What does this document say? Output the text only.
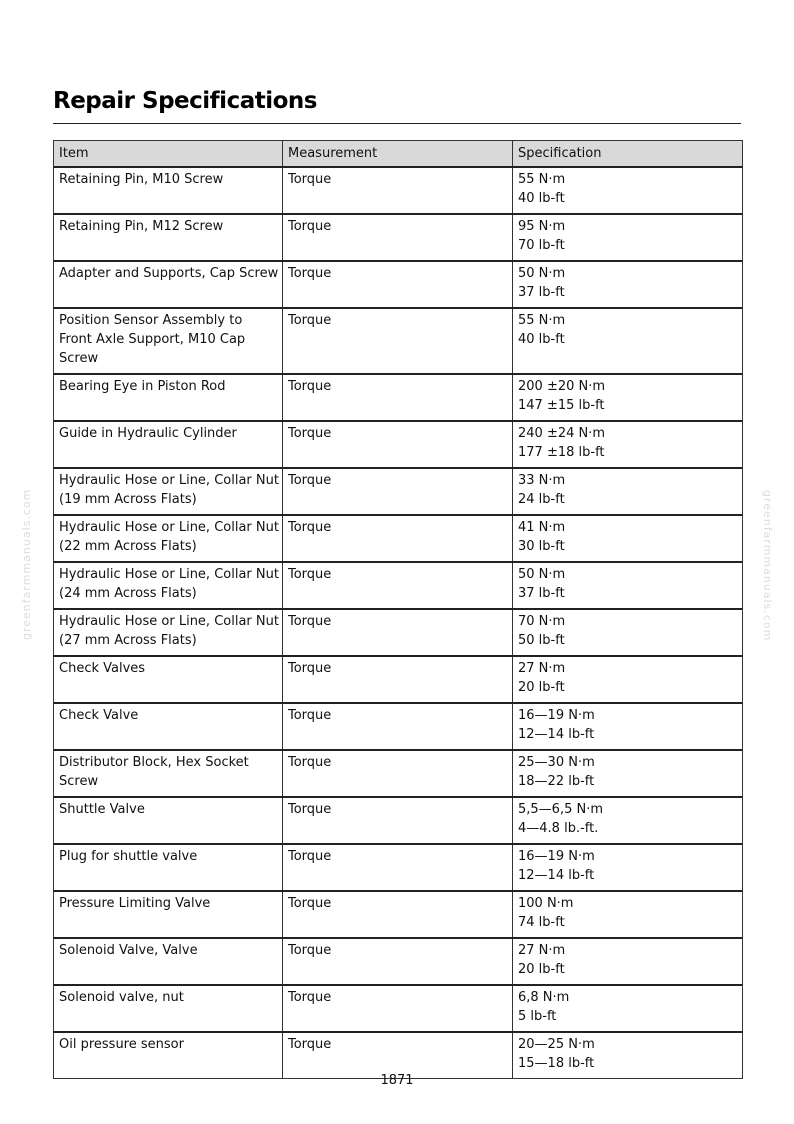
Repair Specifications
greenfarmmanuals.com	greenfarmmanuals.com
Item	Measurement	Specification

Retaining Pin, M10 Screw	Torque	55 N·m
40 lb-ft

Retaining Pin, M12 Screw	Torque	95 N·m
70 lb-ft

Adapter and Supports, Cap Screw	Torque	50 N·m
37 lb-ft

Position Sensor Assembly to
Front Axle Support, M10 Cap
Screw	Torque	55 N·m
40 lb-ft

Bearing Eye in Piston Rod	Torque	200 ±20 N·m
147 ±15 lb-ft

Guide in Hydraulic Cylinder	Torque	240 ±24 N·m
177 ±18 lb-ft

Hydraulic Hose or Line, Collar Nut
(19 mm Across Flats)	Torque	33 N·m
24 lb-ft

Hydraulic Hose or Line, Collar Nut
(22 mm Across Flats)	Torque	41 N·m
30 lb-ft

Hydraulic Hose or Line, Collar Nut
(24 mm Across Flats)	Torque	50 N·m
37 lb-ft

Hydraulic Hose or Line, Collar Nut
(27 mm Across Flats)	Torque	70 N·m
50 lb-ft

Check Valves	Torque	27 N·m
20 lb-ft

Check Valve	Torque	16—19 N·m
12—14 lb-ft

Distributor Block, Hex Socket
Screw	Torque	25—30 N·m
18—22 lb-ft

Shuttle Valve	Torque	5,5—6,5 N·m
4—4.8 lb.-ft.

Plug for shuttle valve	Torque	16—19 N·m
12—14 lb-ft

Pressure Limiting Valve	Torque	100 N·m
74 lb-ft

Solenoid Valve, Valve	Torque	27 N·m
20 lb-ft

Solenoid valve, nut	Torque	6,8 N·m
5 lb-ft

Oil pressure sensor	Torque	20—25 N·m
15—18 lb-ft
1871
